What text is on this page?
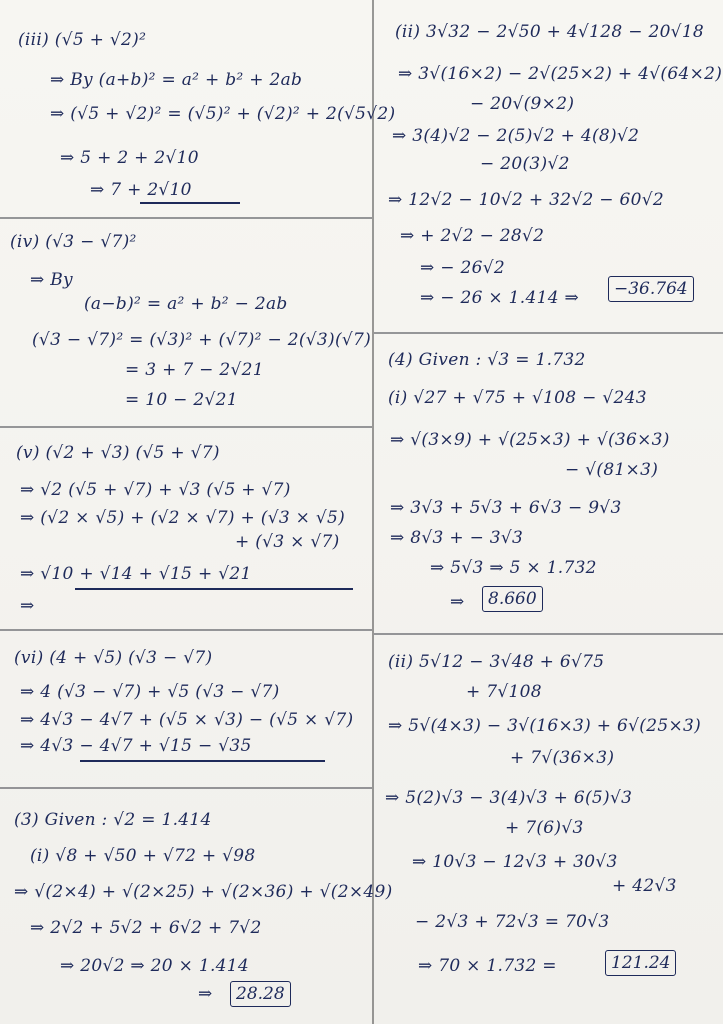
(iii) (√5 + √2)²
⇒ By (a+b)² = a² + b² + 2ab
⇒ (√5 + √2)² = (√5)² + (√2)² + 2(√5√2)
⇒ 5 + 2 + 2√10
⇒ 7 + 2√10
(iv) (√3 − √7)²
⇒ By
(a−b)² = a² + b² − 2ab
(√3 − √7)² = (√3)² + (√7)² − 2(√3)(√7)
= 3 + 7 − 2√21
= 10 − 2√21
(v) (√2 + √3) (√5 + √7)
⇒ √2 (√5 + √7) + √3 (√5 + √7)
⇒ (√2 × √5) + (√2 × √7) + (√3 × √5)
+ (√3 × √7)
⇒ √10 + √14 + √15 + √21
⇒
(vi) (4 + √5) (√3 − √7)
⇒ 4 (√3 − √7) + √5 (√3 − √7)
⇒ 4√3 − 4√7 + (√5 × √3) − (√5 × √7)
⇒ 4√3 − 4√7 + √15 − √35
(3) Given : √2 = 1.414
(i) √8 + √50 + √72 + √98
⇒ √(2×4) + √(2×25) + √(2×36) + √(2×49)
⇒ 2√2 + 5√2 + 6√2 + 7√2
⇒ 20√2 ⇒ 20 × 1.414
⇒	28.28
(ii) 3√32 − 2√50 + 4√128 − 20√18
⇒ 3√(16×2) − 2√(25×2) + 4√(64×2)
− 20√(9×2)
⇒ 3(4)√2 − 2(5)√2 + 4(8)√2
− 20(3)√2
⇒ 12√2 − 10√2 + 32√2 − 60√2
⇒ + 2√2 − 28√2
⇒ − 26√2
⇒ − 26 × 1.414 ⇒	−36.764
(4) Given : √3 = 1.732
(i) √27 + √75 + √108 − √243
⇒ √(3×9) + √(25×3) + √(36×3)
− √(81×3)
⇒ 3√3 + 5√3 + 6√3 − 9√3
⇒ 8√3 + − 3√3
⇒ 5√3 ⇒ 5 × 1.732
⇒	8.660
(ii) 5√12 − 3√48 + 6√75
+ 7√108
⇒ 5√(4×3) − 3√(16×3) + 6√(25×3)
+ 7√(36×3)
⇒ 5(2)√3 − 3(4)√3 + 6(5)√3
+ 7(6)√3
⇒ 10√3 − 12√3 + 30√3
+ 42√3
− 2√3 + 72√3 = 70√3
⇒ 70 × 1.732 =	121.24
